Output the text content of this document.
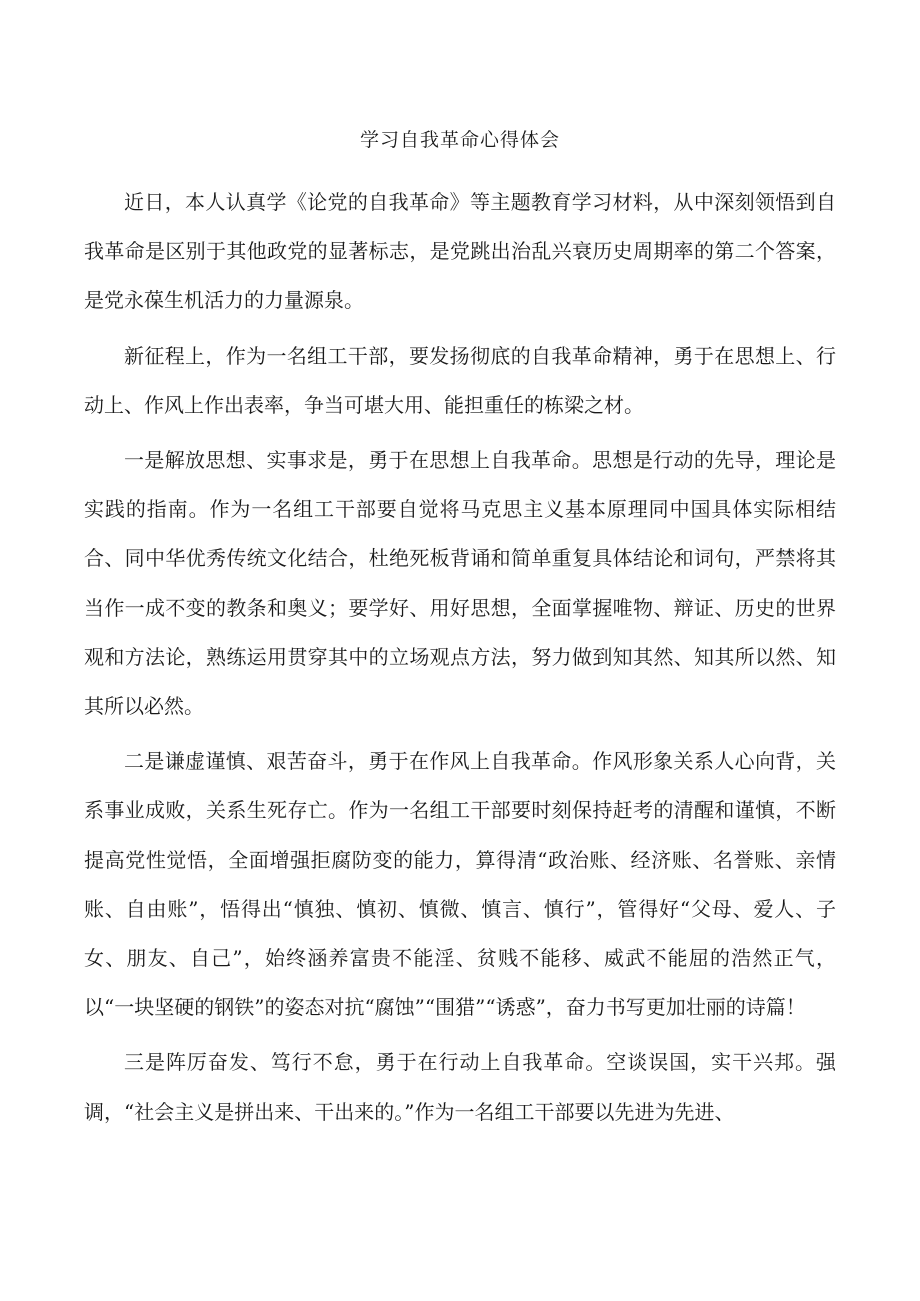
学习自我革命心得体会

近日，本人认真学《论党的自我革命》等主题教育学习材料，从中深刻领悟到自我革命是区别于其他政党的显著标志，是党跳出治乱兴衰历史周期率的第二个答案，是党永葆生机活力的力量源泉。

新征程上，作为一名组工干部，要发扬彻底的自我革命精神，勇于在思想上、行动上、作风上作出表率，争当可堪大用、能担重任的栋梁之材。

一是解放思想、实事求是，勇于在思想上自我革命。思想是行动的先导，理论是实践的指南。作为一名组工干部要自觉将马克思主义基本原理同中国具体实际相结合、同中华优秀传统文化结合，杜绝死板背诵和简单重复具体结论和词句，严禁将其当作一成不变的教条和奥义；要学好、用好思想，全面掌握唯物、辩证、历史的世界观和方法论，熟练运用贯穿其中的立场观点方法，努力做到知其然、知其所以然、知其所以必然。

二是谦虚谨慎、艰苦奋斗，勇于在作风上自我革命。作风形象关系人心向背，关系事业成败，关系生死存亡。作为一名组工干部要时刻保持赶考的清醒和谨慎，不断提高党性觉悟，全面增强拒腐防变的能力，算得清“政治账、经济账、名誉账、亲情账、自由账”，悟得出“慎独、慎初、慎微、慎言、慎行”，管得好“父母、爱人、子女、朋友、自己”，始终涵养富贵不能淫、贫贱不能移、威武不能屈的浩然正气，以“一块坚硬的钢铁”的姿态对抗“腐蚀”“围猎”“诱惑”，奋力书写更加壮丽的诗篇！

三是阵厉奋发、笃行不怠，勇于在行动上自我革命。空谈误国，实干兴邦。强调，“社会主义是拼出来、干出来的。”作为一名组工干部要以先进为先进、
